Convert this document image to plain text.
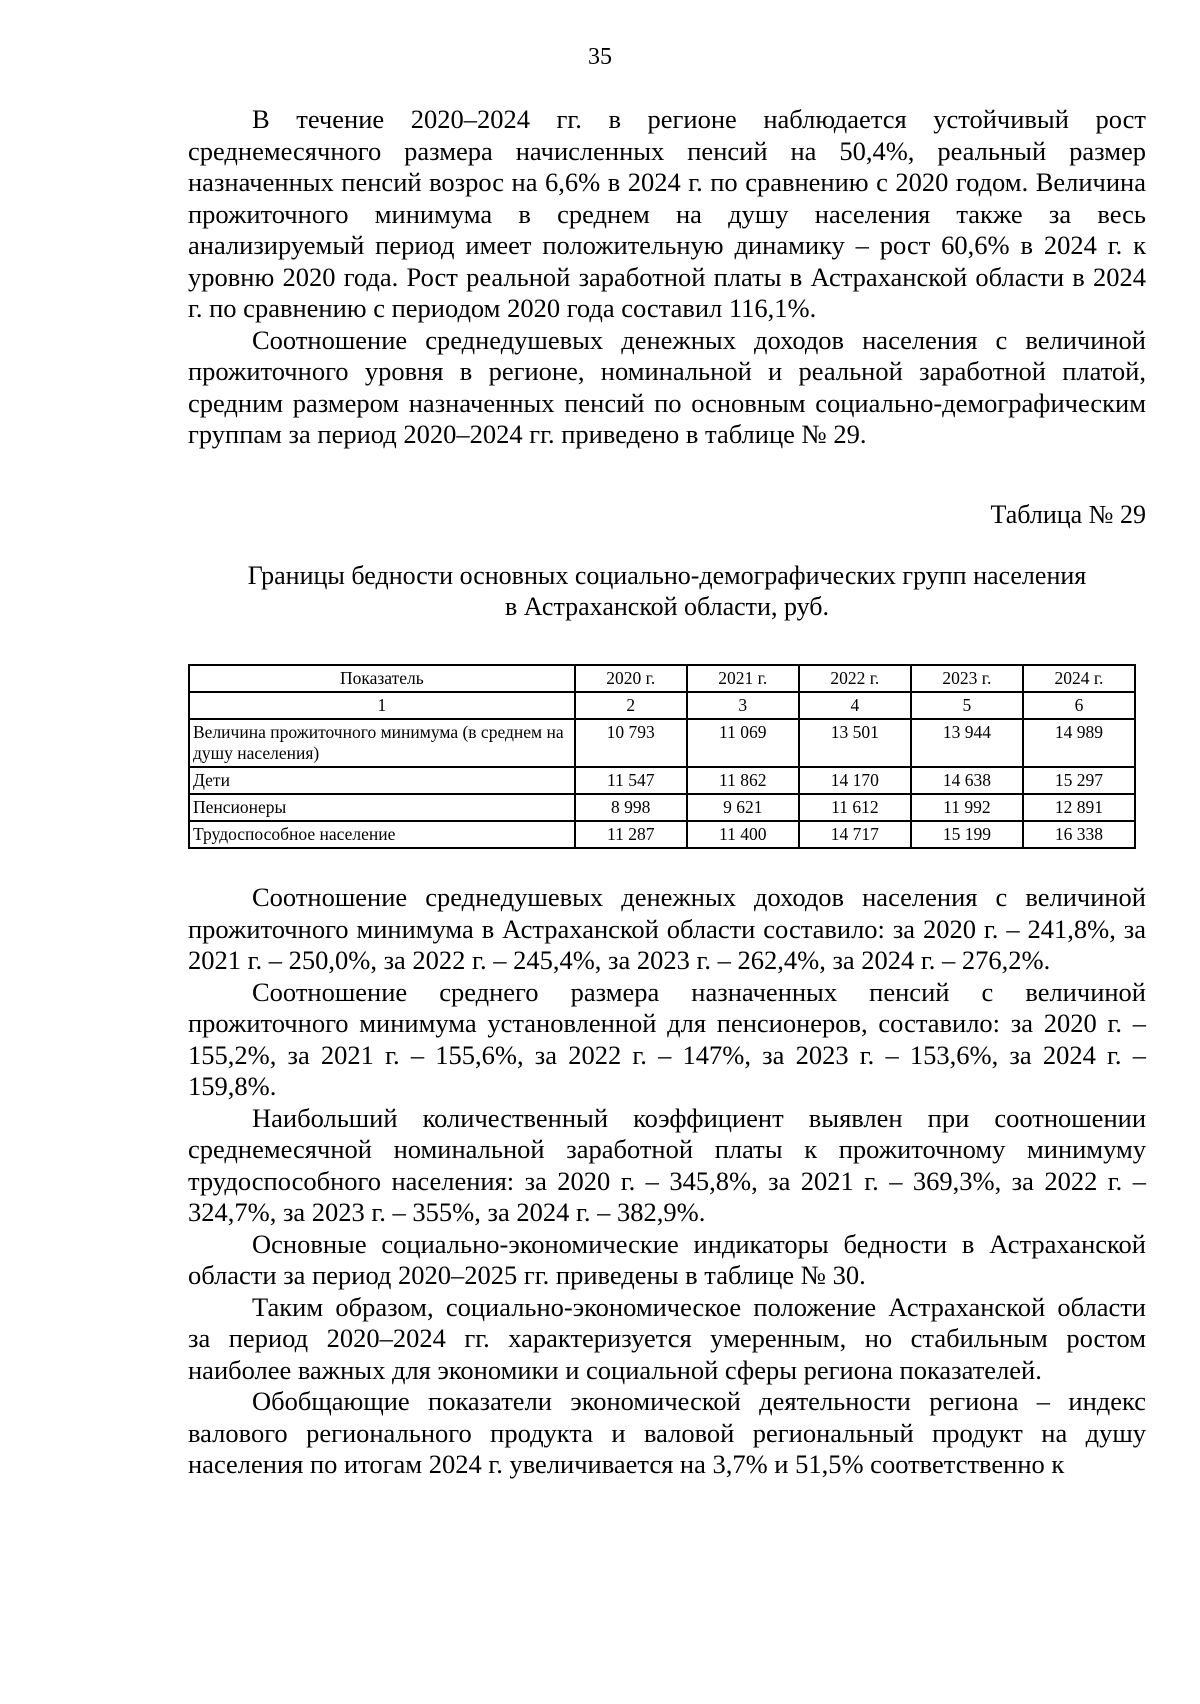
35

В течение 2020–2024 гг. в регионе наблюдается устойчивый рост среднемесячного размера начисленных пенсий на 50,4%, реальный размер назначенных пенсий возрос на 6,6% в 2024 г. по сравнению с 2020 годом. Величина прожиточного минимума в среднем на душу населения также за весь анализируемый период имеет положительную динамику – рост 60,6% в 2024 г. к уровню 2020 года. Рост реальной заработной платы в Астраханской области в 2024 г. по сравнению с периодом 2020 года составил 116,1%.

Соотношение среднедушевых денежных доходов населения с величиной прожиточного уровня в регионе, номинальной и реальной заработной платой, средним размером назначенных пенсий по основным социально-демографическим группам за период 2020–2024 гг. приведено в таблице № 29.

Таблица № 29
Границы бедности основных социально-демографических групп населения
в Астраханской области, руб.
Показатель	2020 г.	2021 г.	2022 г.	2023 г.	2024 г.
1	2	3	4	5	6
Величина прожиточного минимума (в среднем на душу населения)	10 793	11 069	13 501	13 944	14 989
Дети	11 547	11 862	14 170	14 638	15 297
Пенсионеры	8 998	9 621	11 612	11 992	12 891
Трудоспособное население	11 287	11 400	14 717	15 199	16 338

Соотношение среднедушевых денежных доходов населения с величиной прожиточного минимума в Астраханской области составило: за 2020 г. – 241,8%, за 2021 г. – 250,0%, за 2022 г. – 245,4%, за 2023 г. – 262,4%, за 2024 г. – 276,2%.

Соотношение среднего размера назначенных пенсий с величиной прожиточного минимума установленной для пенсионеров, составило: за 2020 г. – 155,2%, за 2021 г. – 155,6%, за 2022 г. – 147%, за 2023 г. – 153,6%, за 2024 г. – 159,8%.

Наибольший количественный коэффициент выявлен при соотношении среднемесячной номинальной заработной платы к прожиточному минимуму трудоспособного населения: за 2020 г. – 345,8%, за 2021 г. – 369,3%, за 2022 г. – 324,7%, за 2023 г. – 355%, за 2024 г. – 382,9%.

Основные социально-экономические индикаторы бедности в Астраханской области за период 2020–2025 гг. приведены в таблице № 30.

Таким образом, социально-экономическое положение Астраханской области за период 2020–2024 гг. характеризуется умеренным, но стабильным ростом наиболее важных для экономики и социальной сферы региона показателей.

Обобщающие показатели экономической деятельности региона – индекс валового регионального продукта и валовой региональный продукт на душу населения по итогам 2024 г. увеличивается на 3,7% и 51,5% соответственно к
